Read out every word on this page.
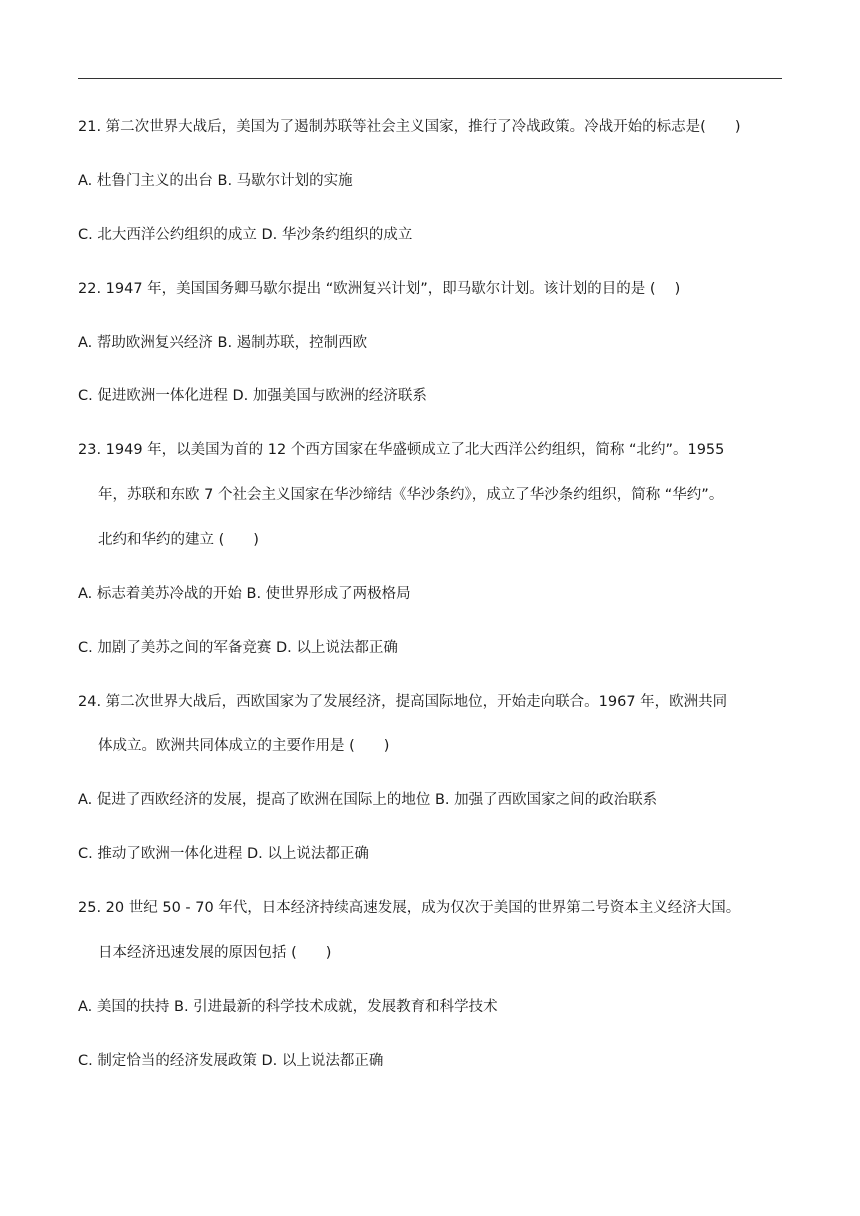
21. 第二次世界大战后，美国为了遏制苏联等社会主义国家，推行了冷战政策。冷战开始的标志是(　　)
A. 杜鲁门主义的出台 B. 马歇尔计划的实施
C. 北大西洋公约组织的成立 D. 华沙条约组织的成立
22. 1947 年，美国国务卿马歇尔提出 “欧洲复兴计划”，即马歇尔计划。该计划的目的是 (　 )
A. 帮助欧洲复兴经济 B. 遏制苏联，控制西欧
C. 促进欧洲一体化进程 D. 加强美国与欧洲的经济联系
23. 1949 年，以美国为首的 12 个西方国家在华盛顿成立了北大西洋公约组织，简称 “北约”。1955
年，苏联和东欧 7 个社会主义国家在华沙缔结《华沙条约》，成立了华沙条约组织，简称 “华约”。
北约和华约的建立 (　　)
A. 标志着美苏冷战的开始 B. 使世界形成了两极格局
C. 加剧了美苏之间的军备竞赛 D. 以上说法都正确
24. 第二次世界大战后，西欧国家为了发展经济，提高国际地位，开始走向联合。1967 年，欧洲共同
体成立。欧洲共同体成立的主要作用是 (　　)
A. 促进了西欧经济的发展，提高了欧洲在国际上的地位 B. 加强了西欧国家之间的政治联系
C. 推动了欧洲一体化进程 D. 以上说法都正确
25. 20 世纪 50 - 70 年代，日本经济持续高速发展，成为仅次于美国的世界第二号资本主义经济大国。
日本经济迅速发展的原因包括 (　　)
A. 美国的扶持 B. 引进最新的科学技术成就，发展教育和科学技术
C. 制定恰当的经济发展政策 D. 以上说法都正确
